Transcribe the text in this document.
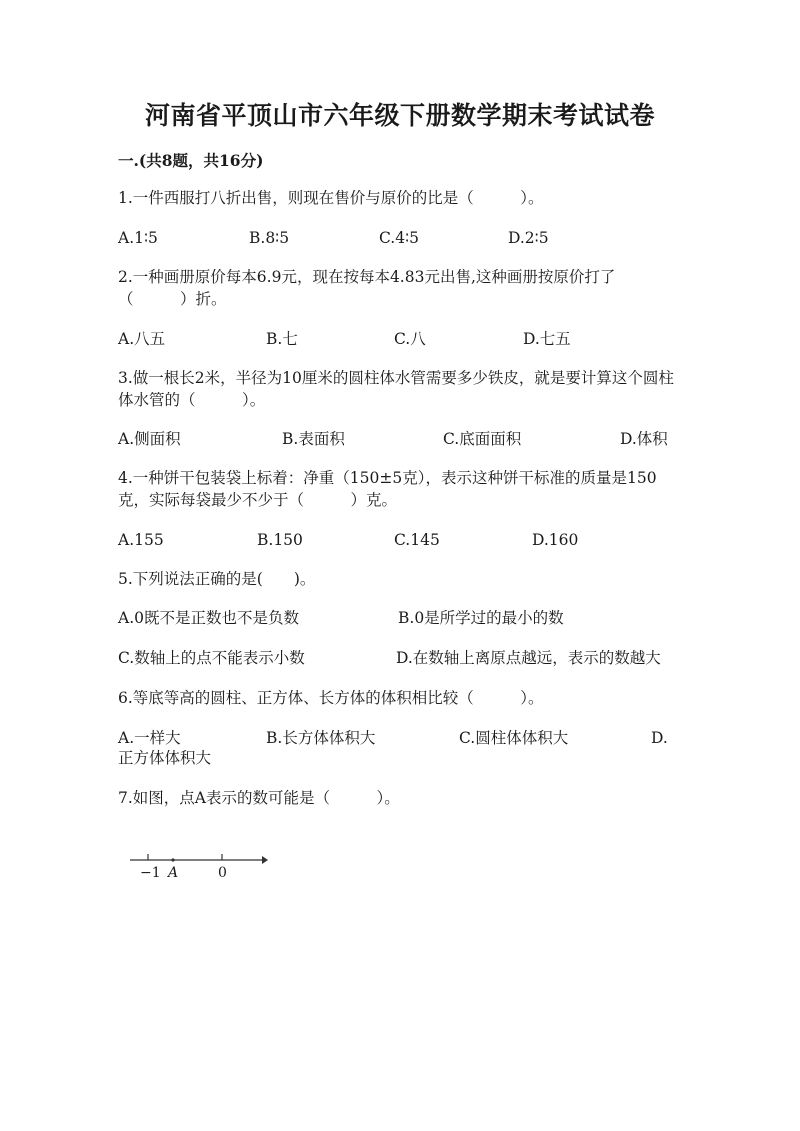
河南省平顶山市六年级下册数学期末考试试卷
一.(共8题，共16分)
1.一件西服打八折出售，则现在售价与原价的比是（　　　）。
A.1∶5	B.8∶5	C.4∶5	D.2∶5
2.一种画册原价每本6.9元，现在按每本4.83元出售,这种画册按原价打了（　　　）折。
A.八五	B.七	C.八	D.七五
3.做一根长2米，半径为10厘米的圆柱体水管需要多少铁皮，就是要计算这个圆柱体水管的（　　　）。
A.侧面积	B.表面积	C.底面面积	D.体积
4.一种饼干包装袋上标着：净重（150±5克），表示这种饼干标准的质量是150克，实际每袋最少不少于（　　　）克。
A.155	B.150	C.145	D.160
5.下列说法正确的是(　　)。
A.0既不是正数也不是负数	B.0是所学过的最小的数
C.数轴上的点不能表示小数	D.在数轴上离原点越远，表示的数越大
6.等底等高的圆柱、正方体、长方体的体积相比较（　　　）。
A.一样大	B.长方体体积大	C.圆柱体体积大	D.
正方体体积大
7.如图，点A表示的数可能是（　　　）。
−1 A	0
